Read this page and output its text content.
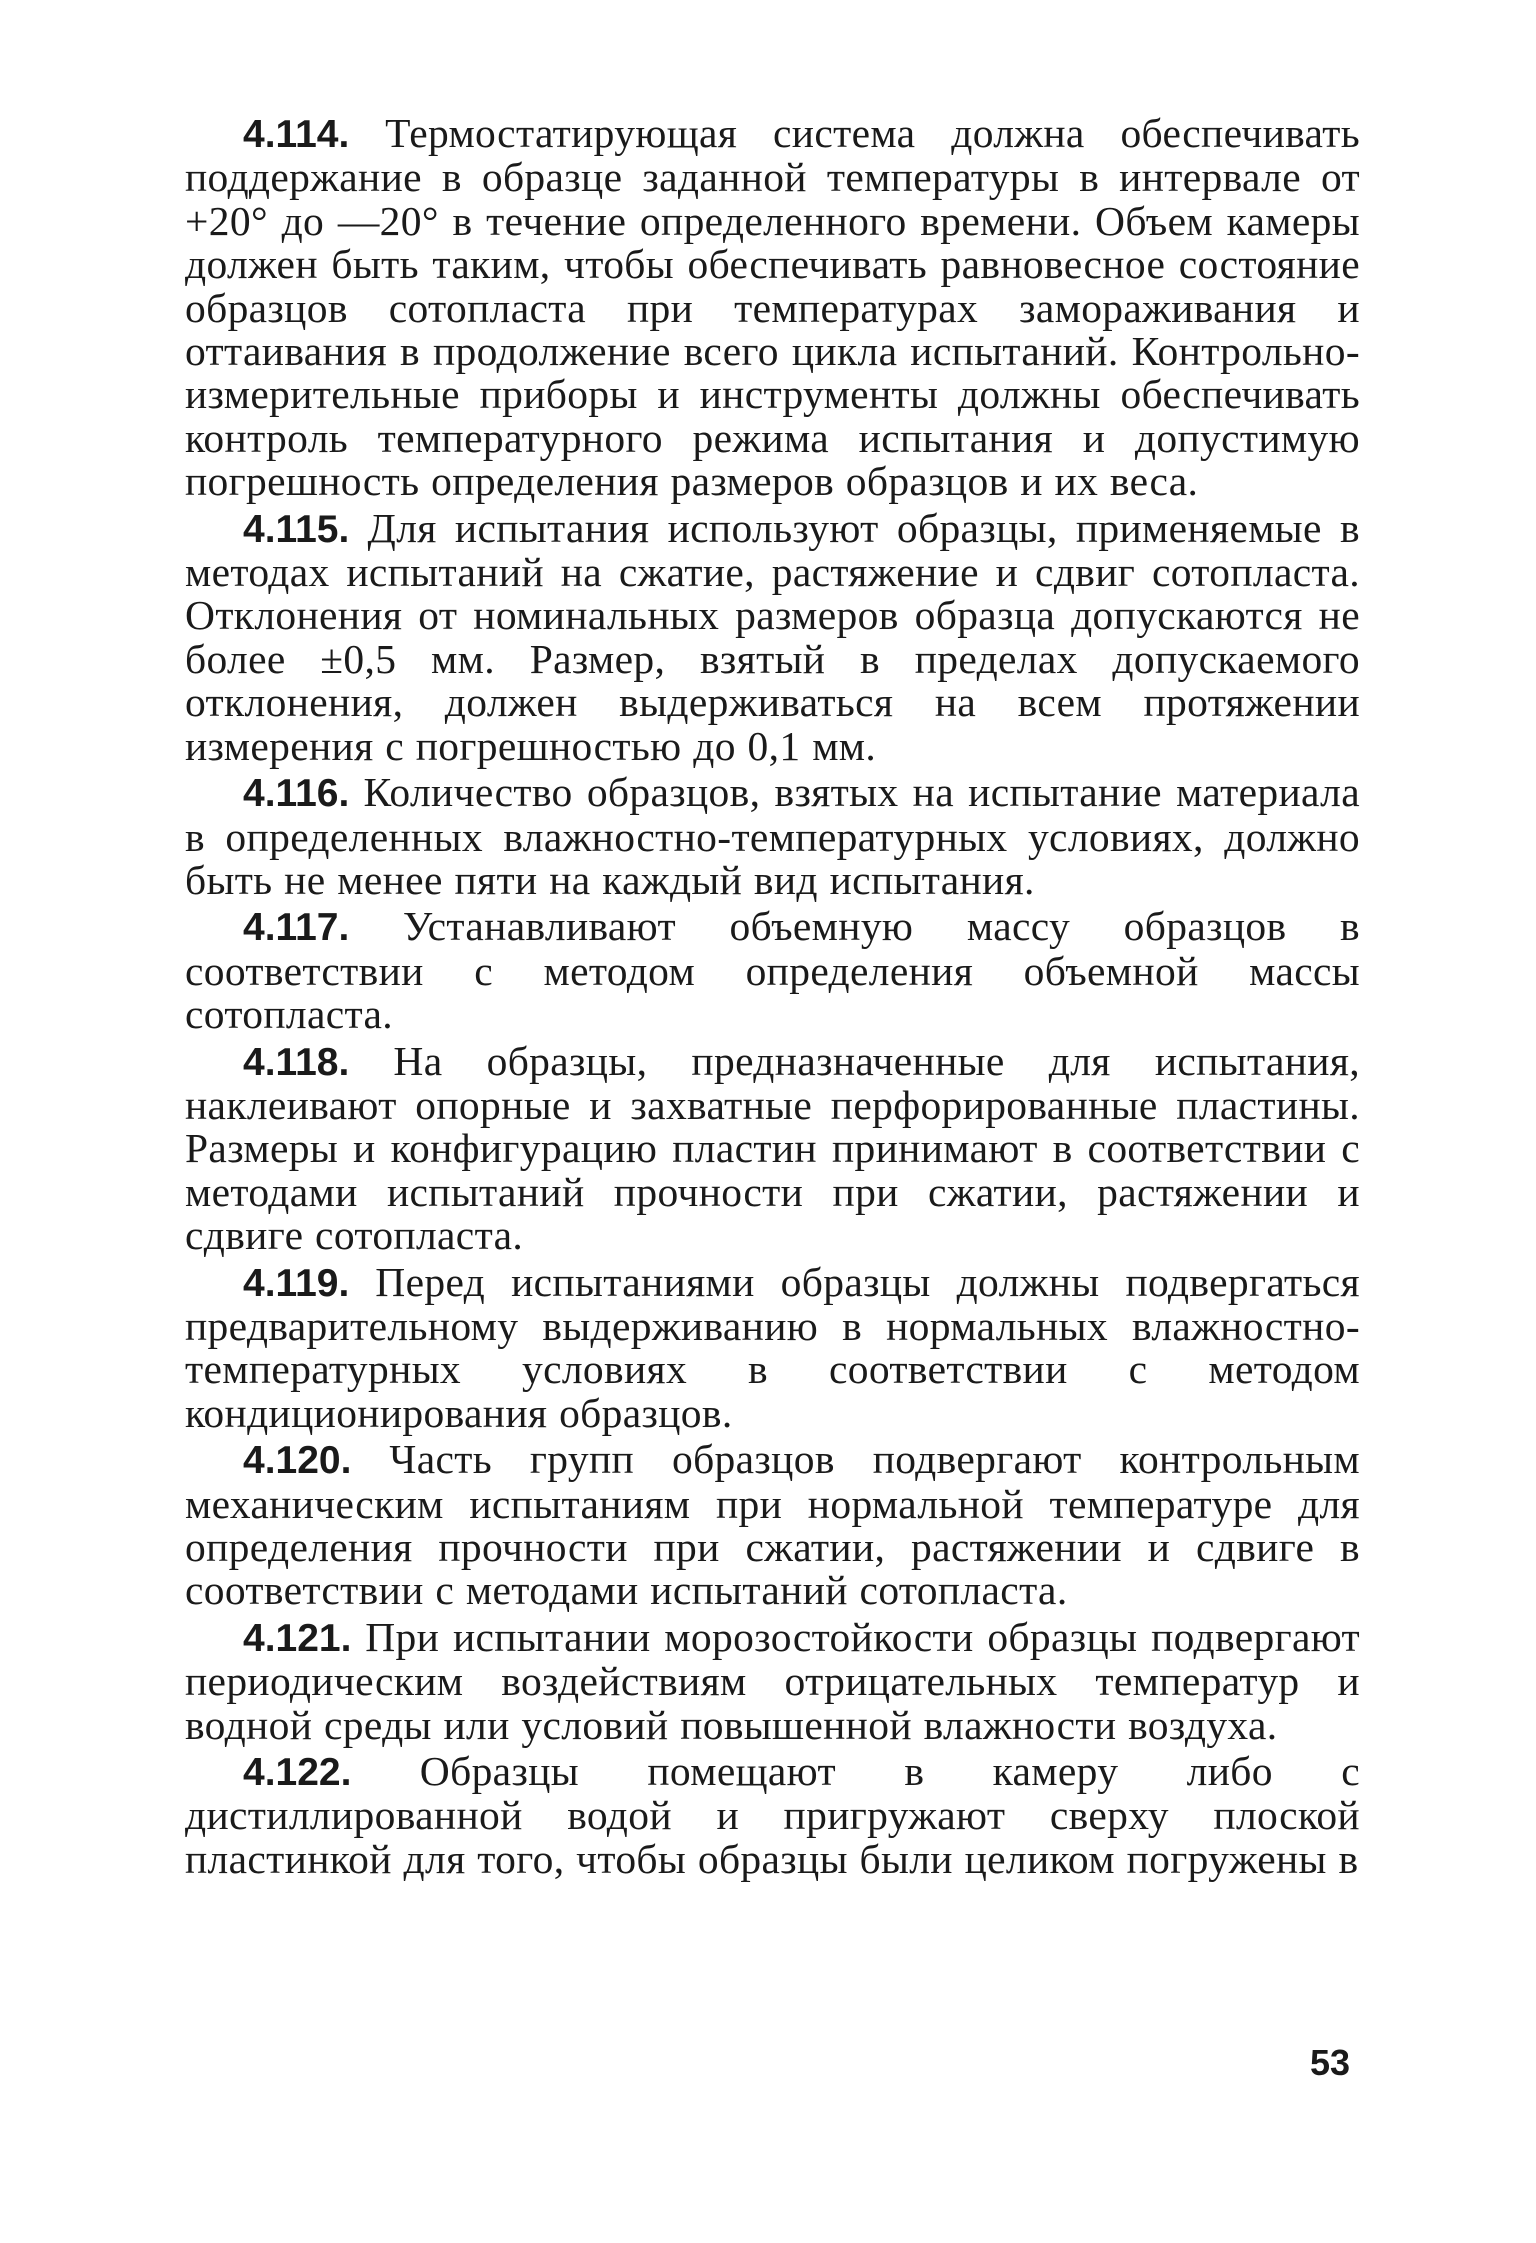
4.114. Термостатирующая система должна обеспечивать поддержание в образце заданной температуры в интервале от +20° до —20° в течение определенного времени. Объем камеры должен быть таким, чтобы обеспечивать равновесное состояние образцов сотопласта при температурах замораживания и оттаивания в продолжение всего цикла испытаний. Контрольно-измерительные приборы и инструменты должны обеспечивать контроль температурного режима испытания и допустимую погрешность определения размеров образцов и их веса.

4.115. Для испытания используют образцы, применяемые в методах испытаний на сжатие, растяжение и сдвиг сотопласта. Отклонения от номинальных размеров образца допускаются не более ±0,5 мм. Размер, взятый в пределах допускаемого отклонения, должен выдерживаться на всем протяжении измерения с погрешностью до 0,1 мм.

4.116. Количество образцов, взятых на испытание материала в определенных влажностно-температурных условиях, должно быть не менее пяти на каждый вид испытания.

4.117. Устанавливают объемную массу образцов в соответствии с методом определения объемной массы сотопласта.

4.118. На образцы, предназначенные для испытания, наклеивают опорные и захватные перфорированные пластины. Размеры и конфигурацию пластин принимают в соответствии с методами испытаний прочности при сжатии, растяжении и сдвиге сотопласта.

4.119. Перед испытаниями образцы должны подвергаться предварительному выдерживанию в нормальных влажностно-температурных условиях в соответствии с методом кондиционирования образцов.

4.120. Часть групп образцов подвергают контрольным механическим испытаниям при нормальной температуре для определения прочности при сжатии, растяжении и сдвиге в соответствии с методами испытаний сотопласта.

4.121. При испытании морозостойкости образцы подвергают периодическим воздействиям отрицательных температур и водной среды или условий повышенной влажности воздуха.

4.122. Образцы помещают в камеру либо с дистиллированной водой и пригружают сверху плоской пластинкой для того, чтобы образцы были целиком погружены в

53
